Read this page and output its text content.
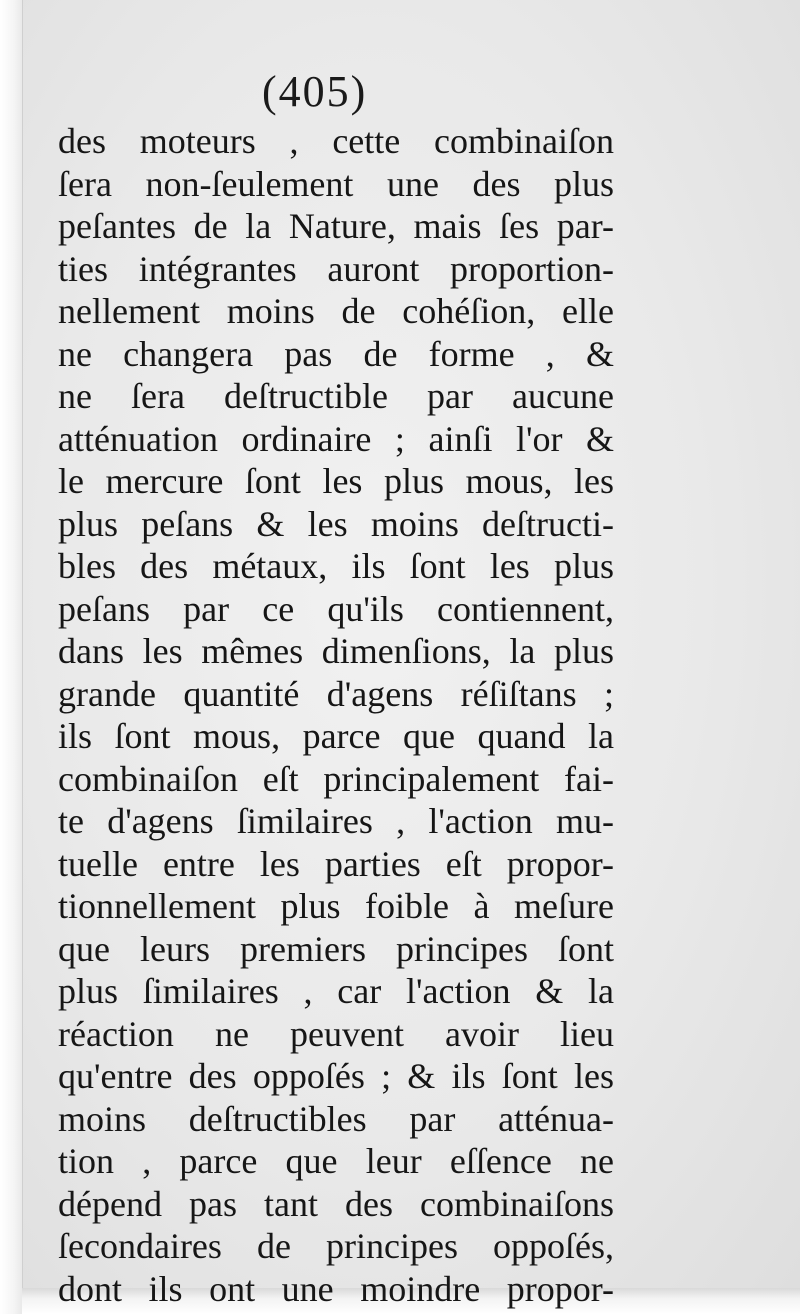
(405)
des moteurs , cette combinaiſon
ſera non-ſeulement une des plus
peſantes de la Nature, mais ſes par-
ties intégrantes auront proportion-
nellement moins de cohéſion, elle
ne changera pas de forme , &
ne ſera deſtructible par aucune
atténuation ordinaire ; ainſi l'or &
le mercure ſont les plus mous, les
plus peſans & les moins deſtructi-
bles des métaux, ils ſont les plus
peſans par ce qu'ils contiennent,
dans les mêmes dimenſions, la plus
grande quantité d'agens réſiſtans ;
ils ſont mous, parce que quand la
combinaiſon eſt principalement fai-
te d'agens ſimilaires , l'action mu-
tuelle entre les parties eſt propor-
tionnellement plus foible à meſure
que leurs premiers principes ſont
plus ſimilaires , car l'action & la
réaction ne peuvent avoir lieu
qu'entre des oppoſés ; & ils ſont les
moins deſtructibles par atténua-
tion , parce que leur eſſence ne
dépend pas tant des combinaiſons
ſecondaires de principes oppoſés,
dont ils ont une moindre propor-
